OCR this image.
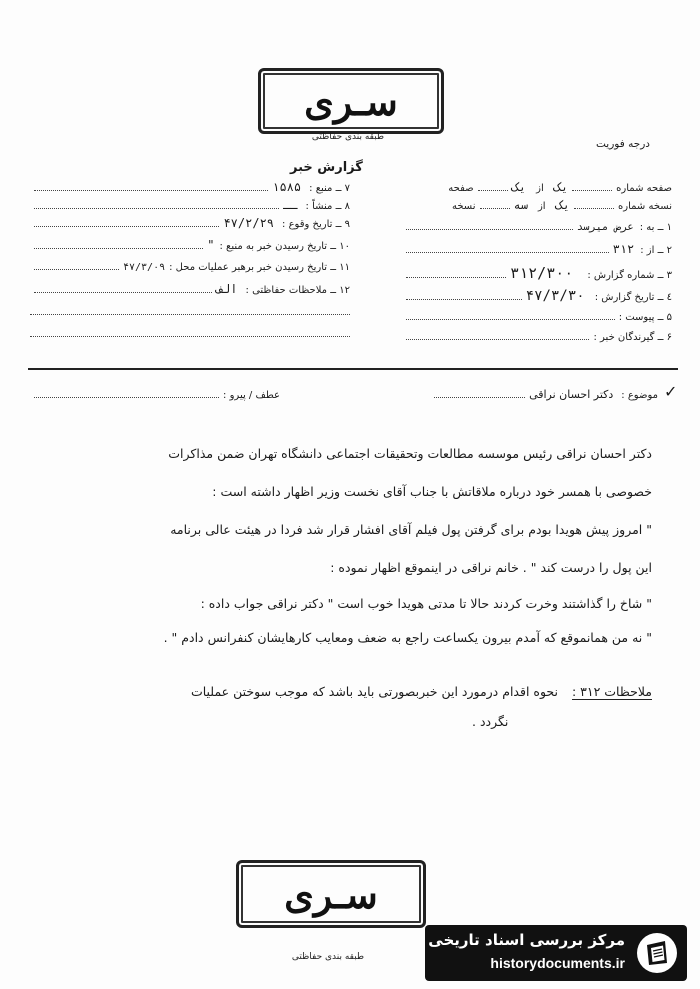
سـری
طبقه بندی حفاظتی
درجه فوریت
گزارش خبر
۷ ــ منبع :
۱۵۸۵
۸ ــ منشاً :
ــ
۹ ــ تاریخ وقوع :
۴۷/۲/۲۹
۱۰ ــ تاریخ رسیدن خبر به منبع :
"
۱۱ ــ تاریخ رسیدن خبر برهبر عملیات محل :
۴۷/۳/۰۹
۱۲ ــ ملاحظات حفاظتی :
الف
صفحه شماره
یک
از
یک
صفحه
نسخه شماره
یک
از
سه
نسخه
۱ ــ به :
عرض میرسد
۲ ــ از :
۳۱۲
۳ ــ شماره گزارش :
۳۱۲/۳۰۰
٤ ــ تاریخ گزارش :
۴۷/۳/۳۰
۵ ــ پیوست :
۶ ــ گیرندگان خبر :
✓
موضوع :
دکتر احسان نراقی
عطف / پیرو :
دکتر احسان نراقی رئیس موسسه مطالعات وتحقیقات اجتماعی دانشگاه تهران ضمن مذاکرات
خصوصی با همسر خود درباره ملاقاتش با جناب آقای نخست وزیر اظهار داشته است :
" امروز پیش هویدا بودم برای گرفتن پول فیلم آقای افشار قرار شد فردا در هیئت عالی برنامه
این پول را درست کند " . خانم نراقی در اینموقع اظهار نموده :
" شاخ را گذاشتند وخرت کردند حالا تا مدتی هویدا خوب است " دکتر نراقی جواب داده :
" نه من همانموقع که آمدم بیرون یکساعت راجع به ضعف ومعایب کارهایشان کنفرانس دادم " .
ملاحظات ۳۱۲ : نحوه اقدام درمورد این خبربصورتی باید باشد که موجب سوختن عملیات
نگردد .
سـری
طبقه بندی حفاظتی
مرکز بررسی اسناد تاریخی
historydocuments.ir
